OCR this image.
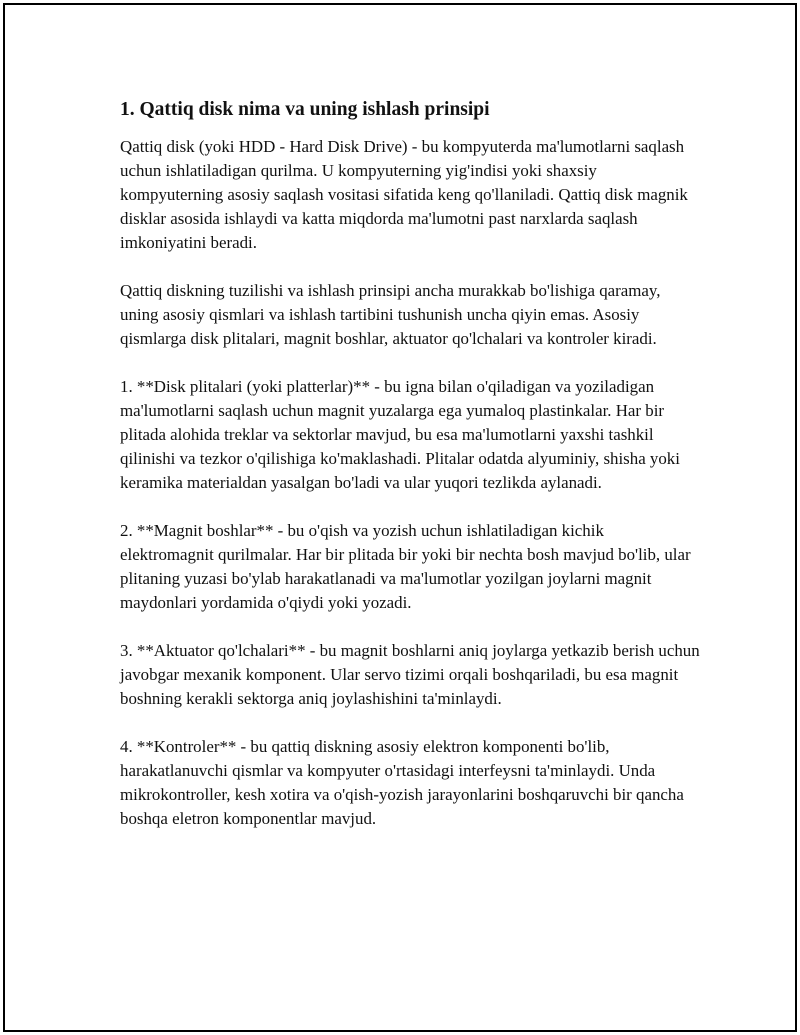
1. Qattiq disk nima va uning ishlash prinsipi

Qattiq disk (yoki HDD - Hard Disk Drive) - bu kompyuterda ma'lumotlarni saqlash uchun ishlatiladigan qurilma. U kompyuterning yig'indisi yoki shaxsiy kompyuterning asosiy saqlash vositasi sifatida keng qo'llaniladi. Qattiq disk magnik disklar asosida ishlaydi va katta miqdorda ma'lumotni past narxlarda saqlash imkoniyatini beradi.

Qattiq diskning tuzilishi va ishlash prinsipi ancha murakkab bo'lishiga qaramay, uning asosiy qismlari va ishlash tartibini tushunish uncha qiyin emas. Asosiy qismlarga disk plitalari, magnit boshlar, aktuator qo'lchalari va kontroler kiradi.

1. **Disk plitalari (yoki platterlar)** - bu igna bilan o'qiladigan va yoziladigan ma'lumotlarni saqlash uchun magnit yuzalarga ega yumaloq plastinkalar. Har bir plitada alohida treklar va sektorlar mavjud, bu esa ma'lumotlarni yaxshi tashkil qilinishi va tezkor o'qilishiga ko'maklashadi. Plitalar odatda alyuminiy, shisha yoki keramika materialdan yasalgan bo'ladi va ular yuqori tezlikda aylanadi.

2. **Magnit boshlar** - bu o'qish va yozish uchun ishlatiladigan kichik elektromagnit qurilmalar. Har bir plitada bir yoki bir nechta bosh mavjud bo'lib, ular plitaning yuzasi bo'ylab harakatlanadi va ma'lumotlar yozilgan joylarni magnit maydonlari yordamida o'qiydi yoki yozadi.

3. **Aktuator qo'lchalari** - bu magnit boshlarni aniq joylarga yetkazib berish uchun javobgar mexanik komponent. Ular servo tizimi orqali boshqariladi, bu esa magnit boshning kerakli sektorga aniq joylashishini ta'minlaydi.

4. **Kontroler** - bu qattiq diskning asosiy elektron komponenti bo'lib, harakatlanuvchi qismlar va kompyuter o'rtasidagi interfeysni ta'minlaydi. Unda mikrokontroller, kesh xotira va o'qish-yozish jarayonlarini boshqaruvchi bir qancha boshqa eletron komponentlar mavjud.
